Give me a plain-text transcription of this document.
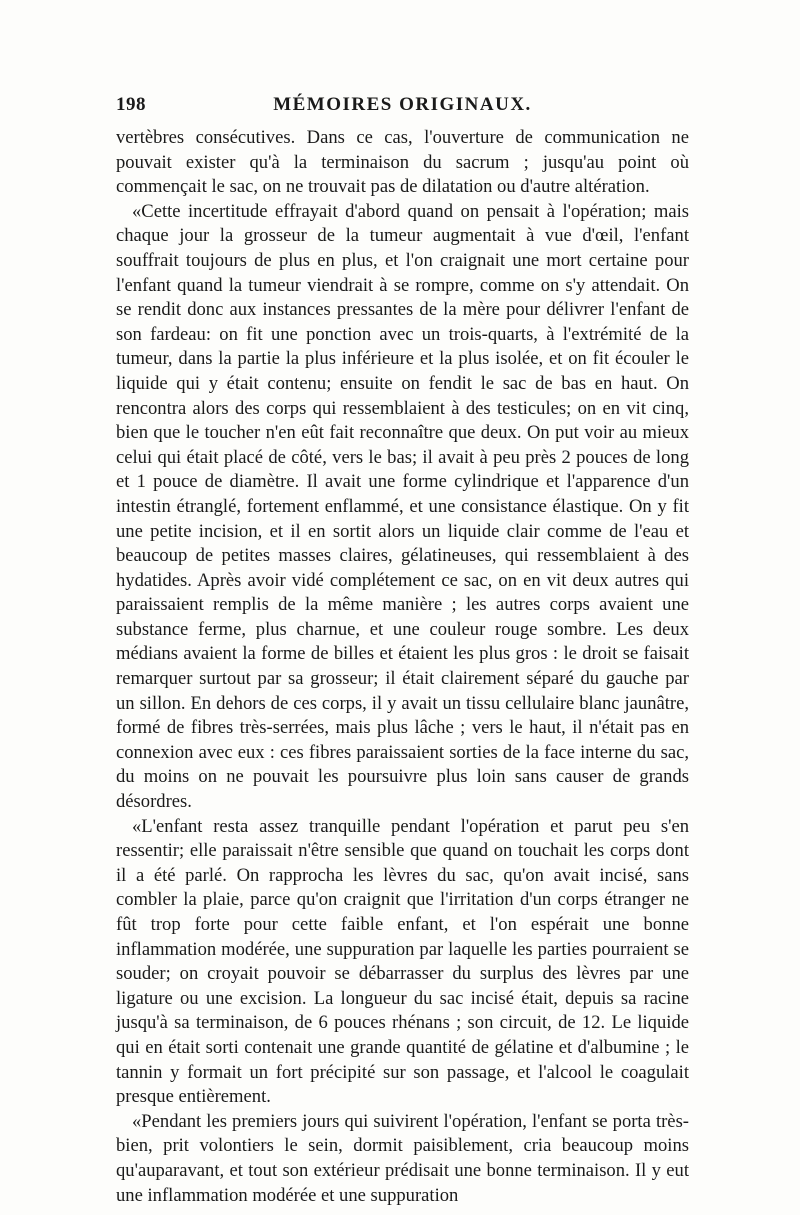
198	MÉMOIRES ORIGINAUX.

vertèbres consécutives. Dans ce cas, l'ouverture de communication ne pouvait exister qu'à la terminaison du sacrum ; jusqu'au point où commençait le sac, on ne trouvait pas de dilatation ou d'autre altération.

«Cette incertitude effrayait d'abord quand on pensait à l'opération; mais chaque jour la grosseur de la tumeur augmentait à vue d'œil, l'enfant souffrait toujours de plus en plus, et l'on craignait une mort certaine pour l'enfant quand la tumeur viendrait à se rompre, comme on s'y attendait. On se rendit donc aux instances pressantes de la mère pour délivrer l'enfant de son fardeau: on fit une ponction avec un trois-quarts, à l'extrémité de la tumeur, dans la partie la plus inférieure et la plus isolée, et on fit écouler le liquide qui y était contenu; ensuite on fendit le sac de bas en haut. On rencontra alors des corps qui ressemblaient à des testicules; on en vit cinq, bien que le toucher n'en eût fait reconnaître que deux. On put voir au mieux celui qui était placé de côté, vers le bas; il avait à peu près 2 pouces de long et 1 pouce de diamètre. Il avait une forme cylindrique et l'apparence d'un intestin étranglé, fortement enflammé, et une consistance élastique. On y fit une petite incision, et il en sortit alors un liquide clair comme de l'eau et beaucoup de petites masses claires, gélatineuses, qui ressemblaient à des hydatides. Après avoir vidé complétement ce sac, on en vit deux autres qui paraissaient remplis de la même manière ; les autres corps avaient une substance ferme, plus charnue, et une couleur rouge sombre. Les deux médians avaient la forme de billes et étaient les plus gros : le droit se faisait remarquer surtout par sa grosseur; il était clairement séparé du gauche par un sillon. En dehors de ces corps, il y avait un tissu cellulaire blanc jaunâtre, formé de fibres très-serrées, mais plus lâche ; vers le haut, il n'était pas en connexion avec eux : ces fibres paraissaient sorties de la face interne du sac, du moins on ne pouvait les poursuivre plus loin sans causer de grands désordres.

«L'enfant resta assez tranquille pendant l'opération et parut peu s'en ressentir; elle paraissait n'être sensible que quand on touchait les corps dont il a été parlé. On rapprocha les lèvres du sac, qu'on avait incisé, sans combler la plaie, parce qu'on craignit que l'irritation d'un corps étranger ne fût trop forte pour cette faible enfant, et l'on espérait une bonne inflammation modérée, une suppuration par laquelle les parties pourraient se souder; on croyait pouvoir se débarrasser du surplus des lèvres par une ligature ou une excision. La longueur du sac incisé était, depuis sa racine jusqu'à sa terminaison, de 6 pouces rhénans ; son circuit, de 12. Le liquide qui en était sorti contenait une grande quantité de gélatine et d'albumine ; le tannin y formait un fort précipité sur son passage, et l'alcool le coagulait presque entièrement.

«Pendant les premiers jours qui suivirent l'opération, l'enfant se porta très-bien, prit volontiers le sein, dormit paisiblement, cria beaucoup moins qu'auparavant, et tout son extérieur prédisait une bonne terminaison. Il y eut une inflammation modérée et une suppuration
